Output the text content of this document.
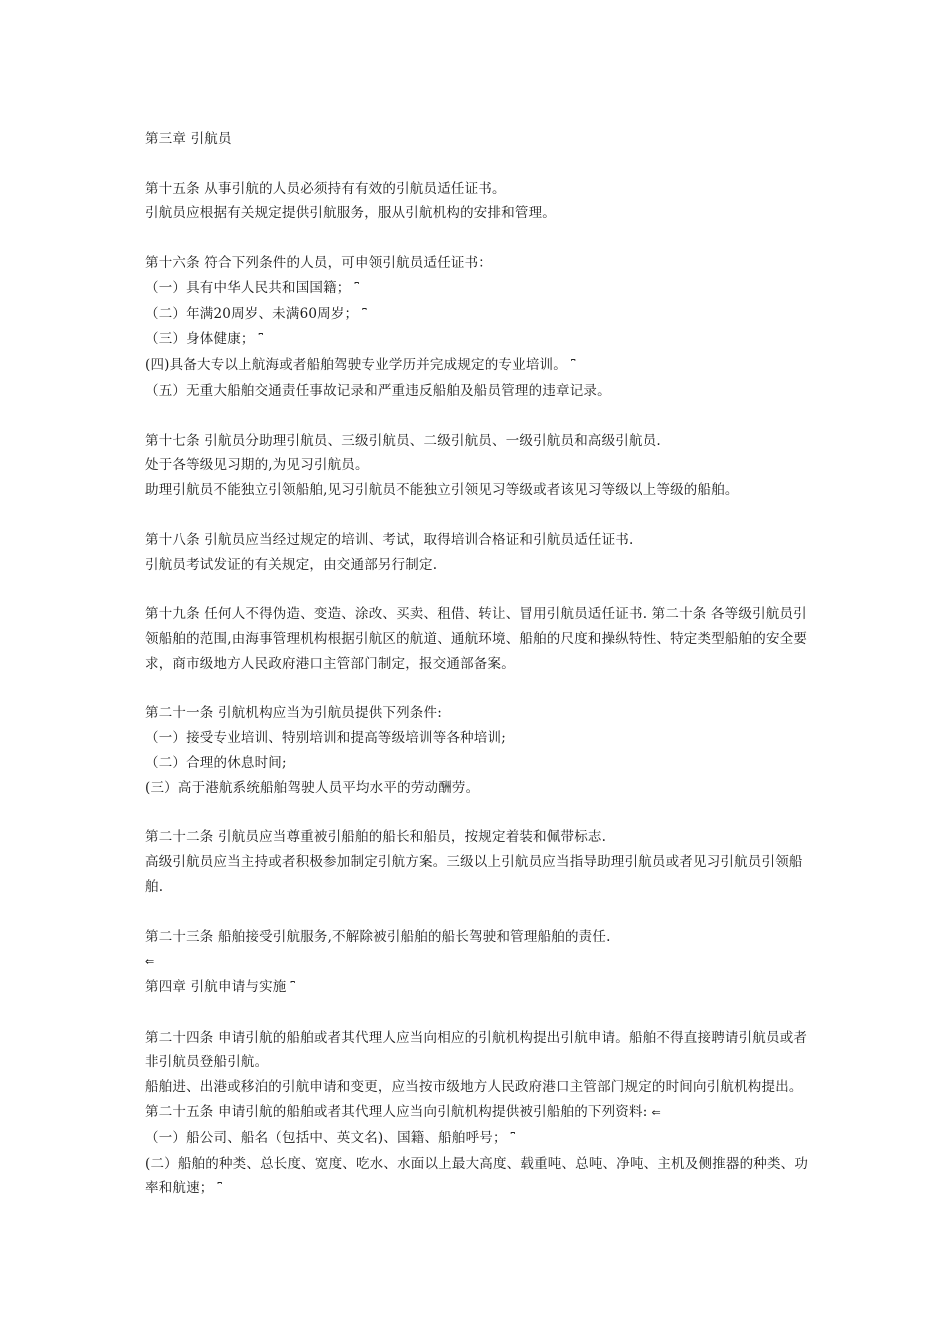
第三章 引航员
第十五条 从事引航的人员必须持有有效的引航员适任证书。
引航员应根据有关规定提供引航服务，服从引航机构的安排和管理。
第十六条 符合下列条件的人员，可申领引航员适任证书：
（一）具有中华人民共和国国籍； ⎴
（二）年满20周岁、未满60周岁； ⎴
（三）身体健康； ⎴
(四)具备大专以上航海或者船舶驾驶专业学历并完成规定的专业培训。 ⎴
（五）无重大船舶交通责任事故记录和严重违反船舶及船员管理的违章记录。
第十七条 引航员分助理引航员、三级引航员、二级引航员、一级引航员和高级引航员.
处于各等级见习期的,为见习引航员。
助理引航员不能独立引领船舶,见习引航员不能独立引领见习等级或者该见习等级以上等级的船舶。
第十八条 引航员应当经过规定的培训、考试，取得培训合格证和引航员适任证书.
引航员考试发证的有关规定，由交通部另行制定.
第十九条 任何人不得伪造、变造、涂改、买卖、租借、转让、冒用引航员适任证书. 第二十条 各等级引航员引领船舶的范围,由海事管理机构根据引航区的航道、通航环境、船舶的尺度和操纵特性、特定类型船舶的安全要求，商市级地方人民政府港口主管部门制定，报交通部备案。
第二十一条 引航机构应当为引航员提供下列条件:
（一）接受专业培训、特别培训和提高等级培训等各种培训;
（二）合理的休息时间;
(三）高于港航系统船舶驾驶人员平均水平的劳动酬劳。
第二十二条 引航员应当尊重被引船舶的船长和船员，按规定着装和佩带标志.
高级引航员应当主持或者积极参加制定引航方案。三级以上引航员应当指导助理引航员或者见习引航员引领船舶.
第二十三条 船舶接受引航服务,不解除被引船舶的船长驾驶和管理船舶的责任.
⇐
第四章 引航申请与实施 ⎴
第二十四条 申请引航的船舶或者其代理人应当向相应的引航机构提出引航申请。船舶不得直接聘请引航员或者非引航员登船引航。
船舶进、出港或移泊的引航申请和变更，应当按市级地方人民政府港口主管部门规定的时间向引航机构提出。
第二十五条 申请引航的船舶或者其代理人应当向引航机构提供被引船舶的下列资料: ⇐
（一）船公司、船名（包括中、英文名)、国籍、船舶呼号； ⎴
(二）船舶的种类、总长度、宽度、吃水、水面以上最大高度、载重吨、总吨、净吨、主机及侧推器的种类、功率和航速； ⎴
